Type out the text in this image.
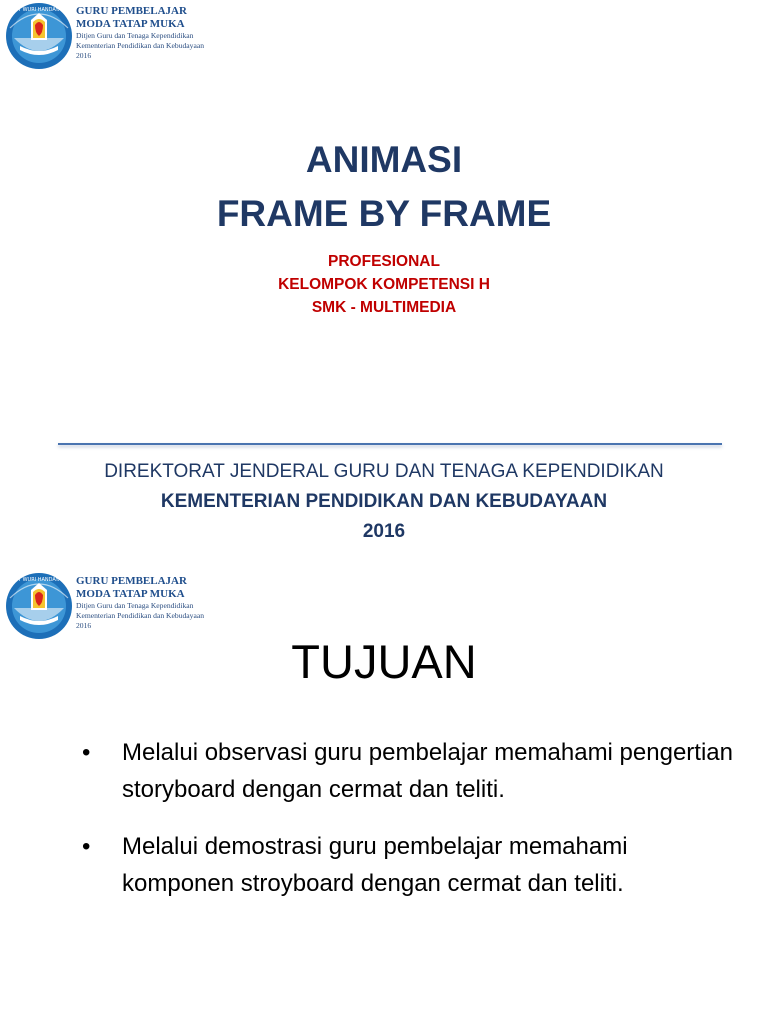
TUT WURI HANDAYANI GURU PEMBELAJAR
MODA TATAP MUKA
Ditjen Guru dan Tenaga Kependidikan
Kementerian Pendidikan dan Kebudayaan
2016
ANIMASI
FRAME BY FRAME
PROFESIONAL
KELOMPOK KOMPETENSI H
SMK - MULTIMEDIA
DIREKTORAT JENDERAL GURU DAN TENAGA KEPENDIDIKAN
KEMENTERIAN PENDIDIKAN DAN KEBUDAYAAN
2016
TUT WURI HANDAYANI GURU PEMBELAJAR
MODA TATAP MUKA
Ditjen Guru dan Tenaga Kependidikan
Kementerian Pendidikan dan Kebudayaan
2016
TUJUAN
• Melalui observasi guru pembelajar memahami pengertian storyboard dengan cermat dan teliti.
• Melalui demostrasi guru pembelajar memahami komponen stroyboard dengan cermat dan teliti.
